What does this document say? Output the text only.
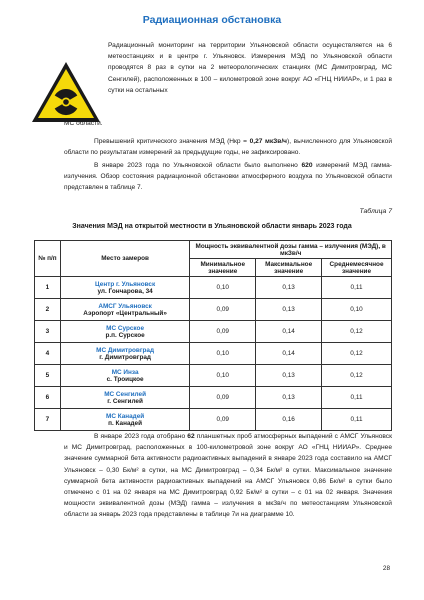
Радиационная обстановка
Радиационный мониторинг на территории Ульяновской области осуществляется на 6 метеостанциях и в центре г. Ульяновск. Измерения МЭД по Ульяновской области проводятся 8 раз в сутки на 2 метеорологических станциях (МС Димитровград, МС Сенгилей), расположенных в 100 – километровой зоне вокруг АО «ГНЦ НИИАР», и 1 раз в сутки на остальных
МС области.
Превышений критического значения МЭД (Нкр = 0,27 мкЗв/ч), вычисленного для Ульяновской области по результатам измерений за предыдущие годы, не зафиксировано.
В январе 2023 года по Ульяновской области было выполнено 620 измерений МЭД гамма-излучения. Обзор состояния радиационной обстановки атмосферного воздуха по Ульяновской области представлен в таблице 7.
Таблица 7
Значения МЭД на открытой местности в Ульяновской области январь 2023 года
№ п/п	Место замеров	Мощность эквивалентной дозы гамма – излучения (МЭД), в мкЗв/ч		
		Минимальное значение	Максимальное значение	Среднемесячное значение
1	Центр г. Ульяновск
ул. Гончарова, 34	0,10	0,13	0,11
2	АМСГ Ульяновск
Аэропорт «Центральный»	0,09	0,13	0,10
3	МС Сурское
р.п. Сурское	0,09	0,14	0,12
4	МС Димитровград
г. Димитровград	0,10	0,14	0,12
5	МС Инза
с. Троицкое	0,10	0,13	0,12
6	МС Сенгилей
г. Сенгилей	0,09	0,13	0,11
7	МС Канадей
п. Канадей	0,09	0,16	0,11
В январе 2023 года отобрано 62 планшетных проб атмосферных выпадений с АМСГ Ульяновск и МС Димитровград, расположенных в 100-километровой зоне вокруг АО «ГНЦ НИИАР». Среднее значение суммарной бета активности радиоактивных выпадений в январе 2023 года составило на АМСГ Ульяновск – 0,30 Бк/м² в сутки, на МС Димитровград – 0,34 Бк/м² в сутки. Максимальное значение суммарной бета активности радиоактивных выпадений на АМСГ Ульяновск 0,86 Бк/м² в сутки было отмечено с 01 на 02 января на МС Димитровград 0,92 Бк/м² в сутки – с 01 на 02 января. Значения мощности эквивалентной дозы (МЭД) гамма – излучения в мкЗв/ч по метеостанциям Ульяновской области за январь 2023 года представлены в таблице 7и на диаграмме 10.
28
